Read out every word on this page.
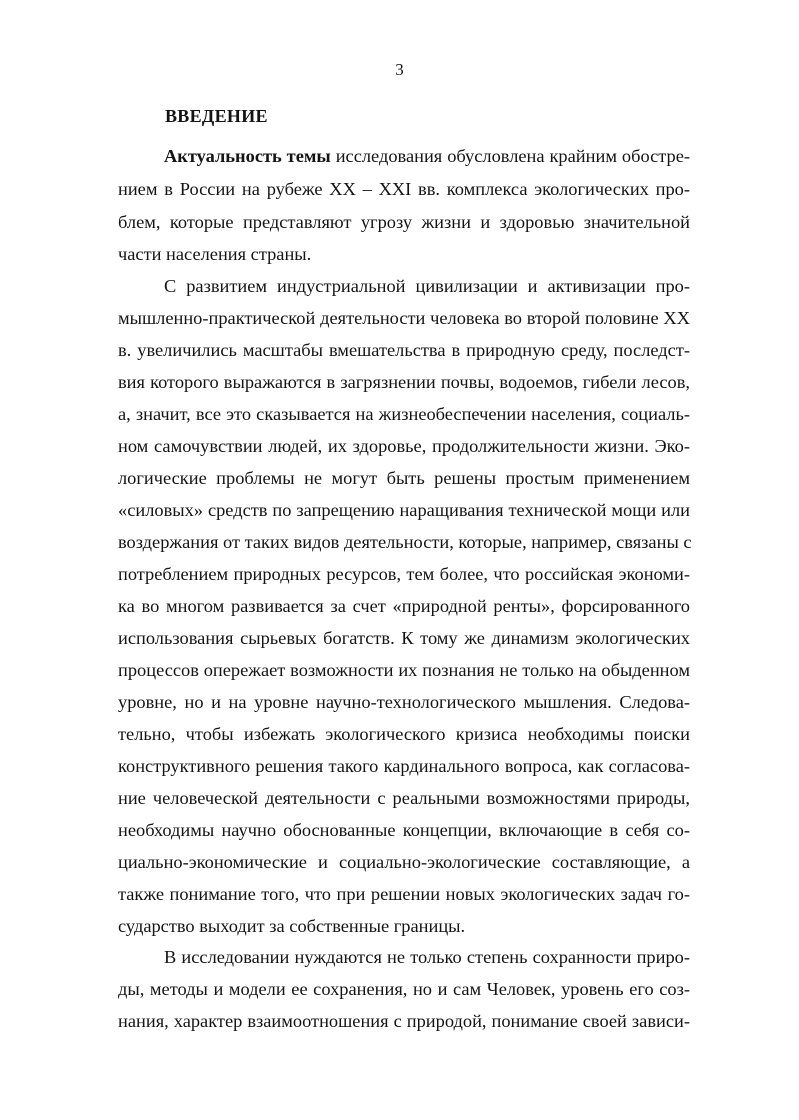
3
ВВЕДЕНИЕ
Актуальность темы исследования обусловлена крайним обостре-
нием в России на рубеже XX – XXI вв. комплекса экологических про-
блем, которые представляют угрозу жизни и здоровью значительной
части населения страны.
С развитием индустриальной цивилизации и активизации про-
мышленно-практической деятельности человека во второй половине XX
в. увеличились масштабы вмешательства в природную среду, последст-
вия которого выражаются в загрязнении почвы, водоемов, гибели лесов,
а, значит, все это сказывается на жизнеобеспечении населения, социаль-
ном самочувствии людей, их здоровье, продолжительности жизни. Эко-
логические проблемы не могут быть решены простым применением
«силовых» средств по запрещению наращивания технической мощи или
воздержания от таких видов деятельности, которые, например, связаны с
потреблением природных ресурсов, тем более, что российская экономи-
ка во многом развивается за счет «природной ренты», форсированного
использования сырьевых богатств. К тому же динамизм экологических
процессов опережает возможности их познания не только на обыденном
уровне, но и на уровне научно-технологического мышления. Следова-
тельно, чтобы избежать экологического кризиса необходимы поиски
конструктивного решения такого кардинального вопроса, как согласова-
ние человеческой деятельности с реальными возможностями природы,
необходимы научно обоснованные концепции, включающие в себя со-
циально-экономические и социально-экологические составляющие, а
также понимание того, что при решении новых экологических задач го-
сударство выходит за собственные границы.
В исследовании нуждаются не только степень сохранности приро-
ды, методы и модели ее сохранения, но и сам Человек, уровень его соз-
нания, характер взаимоотношения с природой, понимание своей зависи-
